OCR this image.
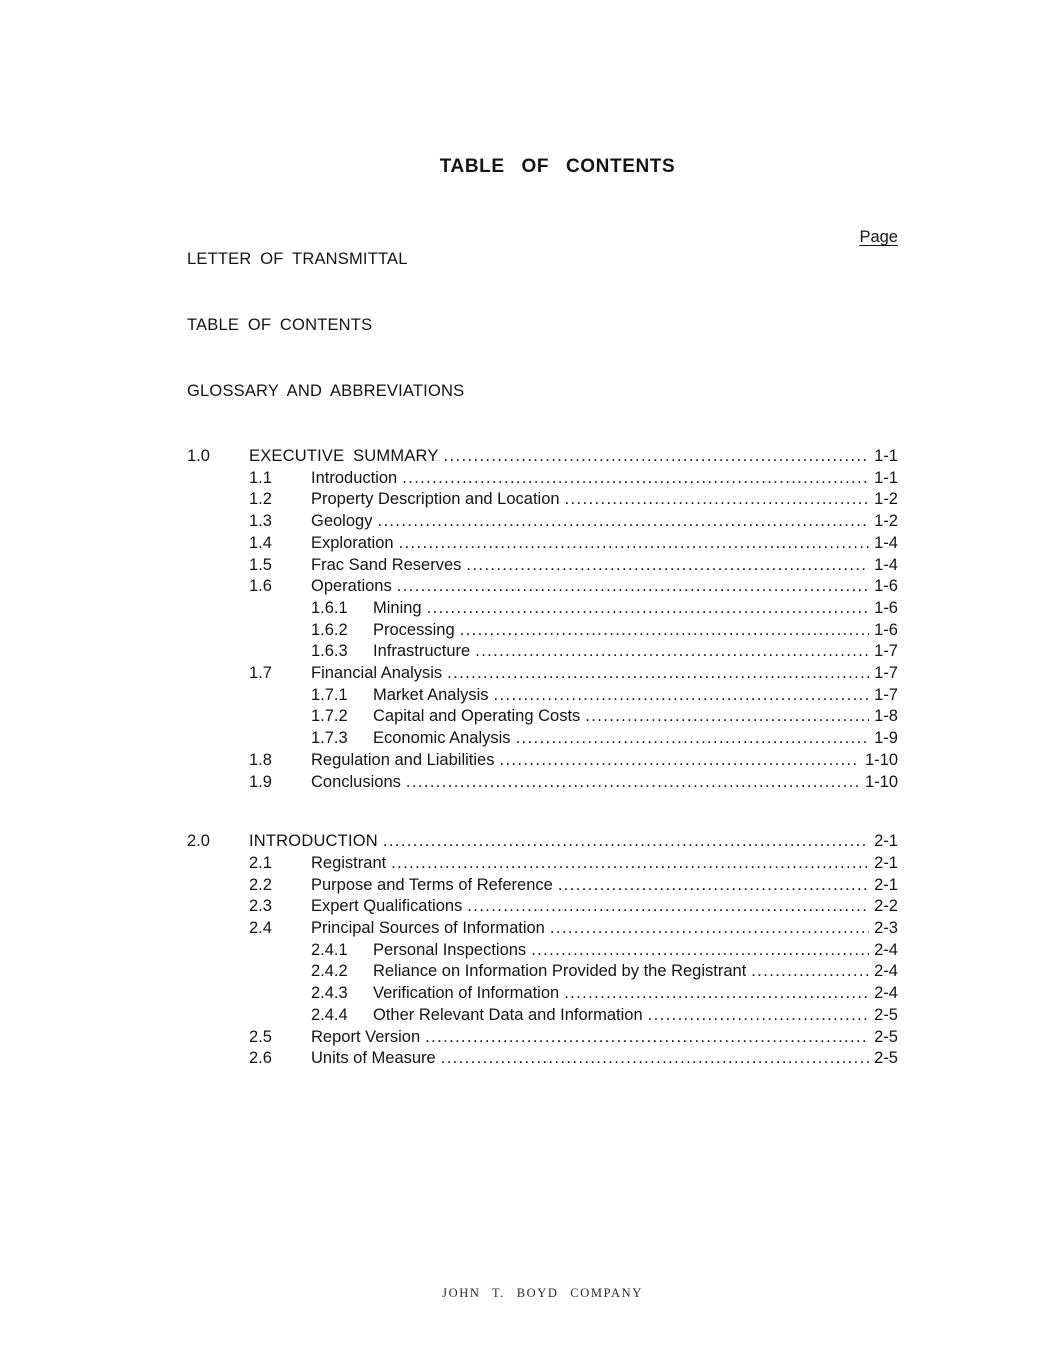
TABLE OF CONTENTS
Page
LETTER OF TRANSMITTAL
TABLE OF CONTENTS
GLOSSARY AND ABBREVIATIONS
1.0	EXECUTIVE SUMMARY .....	1-1
1.1	Introduction .....	1-1
1.2	Property Description and Location .....	1-2
1.3	Geology .....	1-2
1.4	Exploration .....	1-4
1.5	Frac Sand Reserves .....	1-4
1.6	Operations .....	1-6
1.6.1	Mining .....	1-6
1.6.2	Processing .....	1-6
1.6.3	Infrastructure .....	1-7
1.7	Financial Analysis .....	1-7
1.7.1	Market Analysis .....	1-7
1.7.2	Capital and Operating Costs .....	1-8
1.7.3	Economic Analysis .....	1-9
1.8	Regulation and Liabilities .....	1-10
1.9	Conclusions .....	1-10
2.0	INTRODUCTION .....	2-1
2.1	Registrant .....	2-1
2.2	Purpose and Terms of Reference .....	2-1
2.3	Expert Qualifications .....	2-2
2.4	Principal Sources of Information .....	2-3
2.4.1	Personal Inspections .....	2-4
2.4.2	Reliance on Information Provided by the Registrant .....	2-4
2.4.3	Verification of Information .....	2-4
2.4.4	Other Relevant Data and Information .....	2-5
2.5	Report Version .....	2-5
2.6	Units of Measure .....	2-5
JOHN T. BOYD COMPANY
